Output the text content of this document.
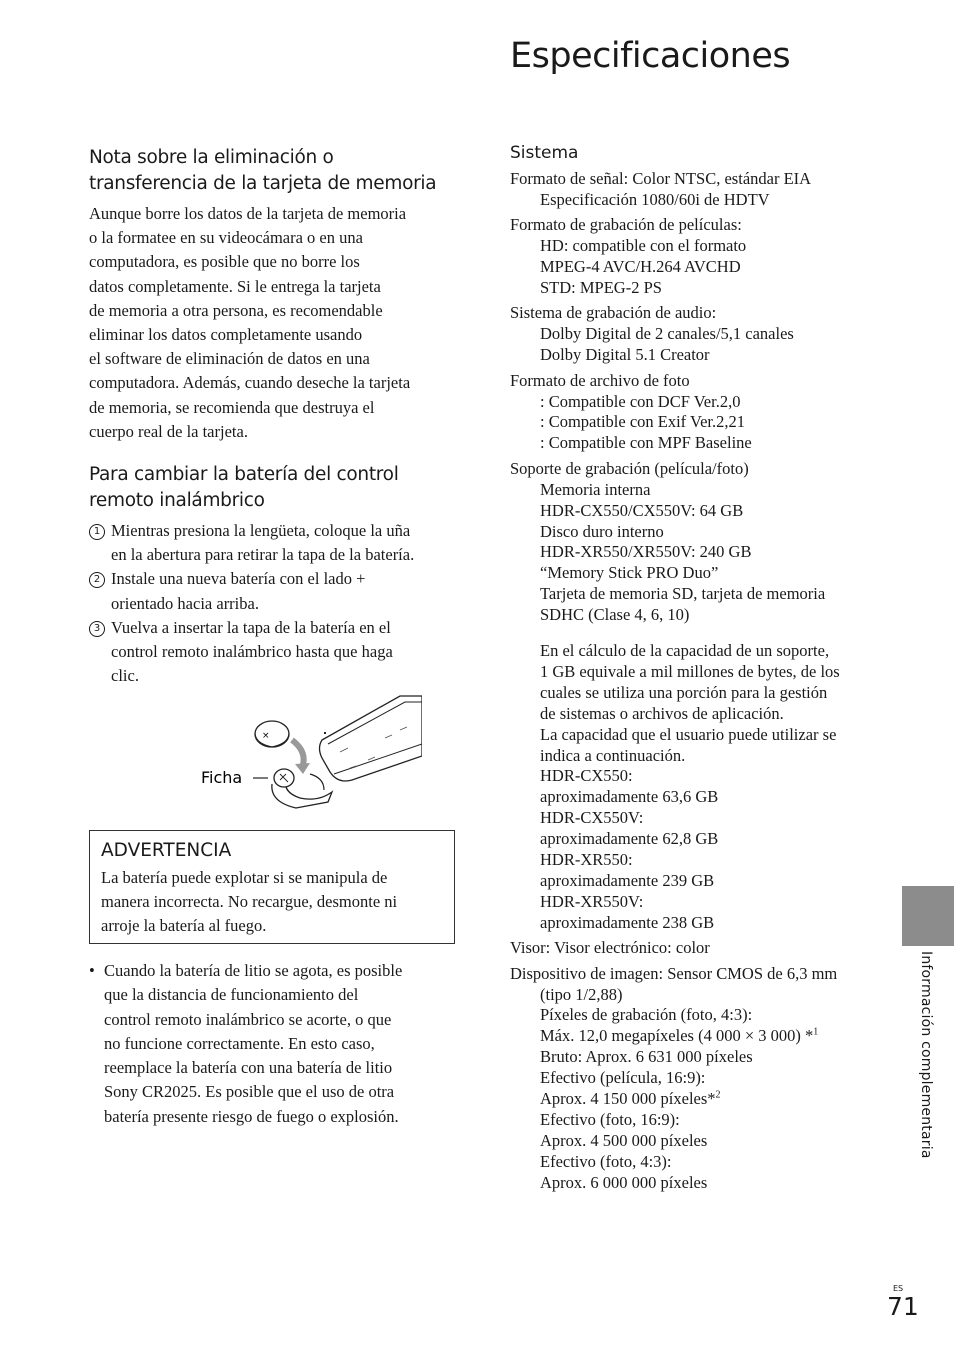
Especificaciones
Nota sobre la eliminación o
transferencia de la tarjeta de memoria
Aunque borre los datos de la tarjeta de memoria
o la formatee en su videocámara o en una
computadora, es posible que no borre los
datos completamente. Si le entrega la tarjeta
de memoria a otra persona, es recomendable
eliminar los datos completamente usando
el software de eliminación de datos en una
computadora. Además, cuando deseche la tarjeta
de memoria, se recomienda que destruya el
cuerpo real de la tarjeta.
Para cambiar la batería del control
remoto inalámbrico
1 Mientras presiona la lengüeta, coloque la uña
en la abertura para retirar la tapa de la batería.
2 Instale una nueva batería con el lado +
orientado hacia arriba.
3 Vuelva a insertar la tapa de la batería en el
control remoto inalámbrico hasta que haga
clic.
Ficha
×
ADVERTENCIA
La batería puede explotar si se manipula de
manera incorrecta. No recargue, desmonte ni
arroje la batería al fuego.
• Cuando la batería de litio se agota, es posible
que la distancia de funcionamiento del
control remoto inalámbrico se acorte, o que
no funcione correctamente. En esto caso,
reemplace la batería con una batería de litio
Sony CR2025. Es posible que el uso de otra
batería presente riesgo de fuego o explosión.
Sistema
Formato de señal: Color NTSC, estándar EIA
Especificación 1080/60i de HDTV
Formato de grabación de películas:
HD: compatible con el formato
MPEG-4 AVC/H.264 AVCHD
STD: MPEG-2 PS
Sistema de grabación de audio:
Dolby Digital de 2 canales/5,1 canales
Dolby Digital 5.1 Creator
Formato de archivo de foto
: Compatible con DCF Ver.2,0
: Compatible con Exif Ver.2,21
: Compatible con MPF Baseline
Soporte de grabación (película/foto)
Memoria interna
HDR-CX550/CX550V: 64 GB
Disco duro interno
HDR-XR550/XR550V: 240 GB
“Memory Stick PRO Duo”
Tarjeta de memoria SD, tarjeta de memoria
SDHC (Clase 4, 6, 10)
En el cálculo de la capacidad de un soporte,
1 GB equivale a mil millones de bytes, de los
cuales se utiliza una porción para la gestión
de sistemas o archivos de aplicación.
La capacidad que el usuario puede utilizar se
indica a continuación.
HDR-CX550:
aproximadamente 63,6 GB
HDR-CX550V:
aproximadamente 62,8 GB
HDR-XR550:
aproximadamente 239 GB
HDR-XR550V:
aproximadamente 238 GB
Visor: Visor electrónico: color
Dispositivo de imagen: Sensor CMOS de 6,3 mm
(tipo 1/2,88)
Píxeles de grabación (foto, 4:3):
Máx. 12,0 megapíxeles (4 000 × 3 000) *$^1$
Bruto: Aprox. 6 631 000 píxeles
Efectivo (película, 16:9):
Aprox. 4 150 000 píxeles*$^2$
Efectivo (foto, 16:9):
Aprox. 4 500 000 píxeles
Efectivo (foto, 4:3):
Aprox. 6 000 000 píxeles
Información complementaria
ES
71
